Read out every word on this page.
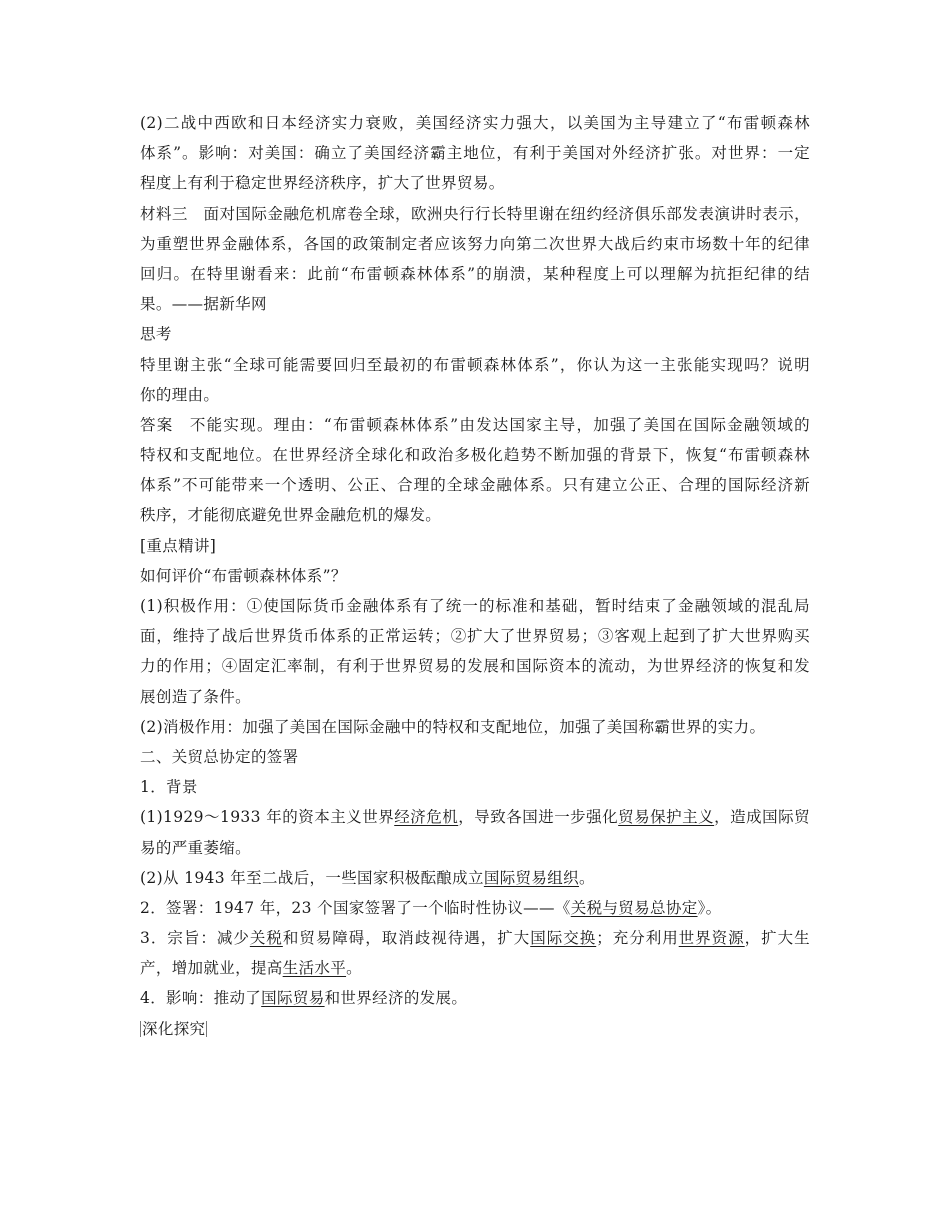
(2)二战中西欧和日本经济实力衰败，美国经济实力强大，以美国为主导建立了“布雷顿森林
体系”。影响：对美国：确立了美国经济霸主地位，有利于美国对外经济扩张。对世界：一定
程度上有利于稳定世界经济秩序，扩大了世界贸易。
材料三 面对国际金融危机席卷全球，欧洲央行行长特里谢在纽约经济俱乐部发表演讲时表示，
为重塑世界金融体系，各国的政策制定者应该努力向第二次世界大战后约束市场数十年的纪律
回归。在特里谢看来：此前“布雷顿森林体系”的崩溃，某种程度上可以理解为抗拒纪律的结
果。——据新华网
思考
特里谢主张“全球可能需要回归至最初的布雷顿森林体系”，你认为这一主张能实现吗？说明
你的理由。
答案 不能实现。理由：“布雷顿森林体系”由发达国家主导，加强了美国在国际金融领域的
特权和支配地位。在世界经济全球化和政治多极化趋势不断加强的背景下，恢复“布雷顿森林
体系”不可能带来一个透明、公正、合理的全球金融体系。只有建立公正、合理的国际经济新
秩序，才能彻底避免世界金融危机的爆发。
[重点精讲]
如何评价“布雷顿森林体系”？
(1)积极作用：①使国际货币金融体系有了统一的标准和基础，暂时结束了金融领域的混乱局
面，维持了战后世界货币体系的正常运转；②扩大了世界贸易；③客观上起到了扩大世界购买
力的作用；④固定汇率制，有利于世界贸易的发展和国际资本的流动，为世界经济的恢复和发
展创造了条件。
(2)消极作用：加强了美国在国际金融中的特权和支配地位，加强了美国称霸世界的实力。
二、关贸总协定的签署
1．背景
(1)1929～1933 年的资本主义世界经济危机，导致各国进一步强化贸易保护主义，造成国际贸
易的严重萎缩。
(2)从 1943 年至二战后，一些国家积极酝酿成立国际贸易组织。
2．签署：1947 年，23 个国家签署了一个临时性协议——《关税与贸易总协定》。
3．宗旨：减少关税和贸易障碍，取消歧视待遇，扩大国际交换；充分利用世界资源，扩大生
产，增加就业，提高生活水平。
4．影响：推动了国际贸易和世界经济的发展。
深化探究
